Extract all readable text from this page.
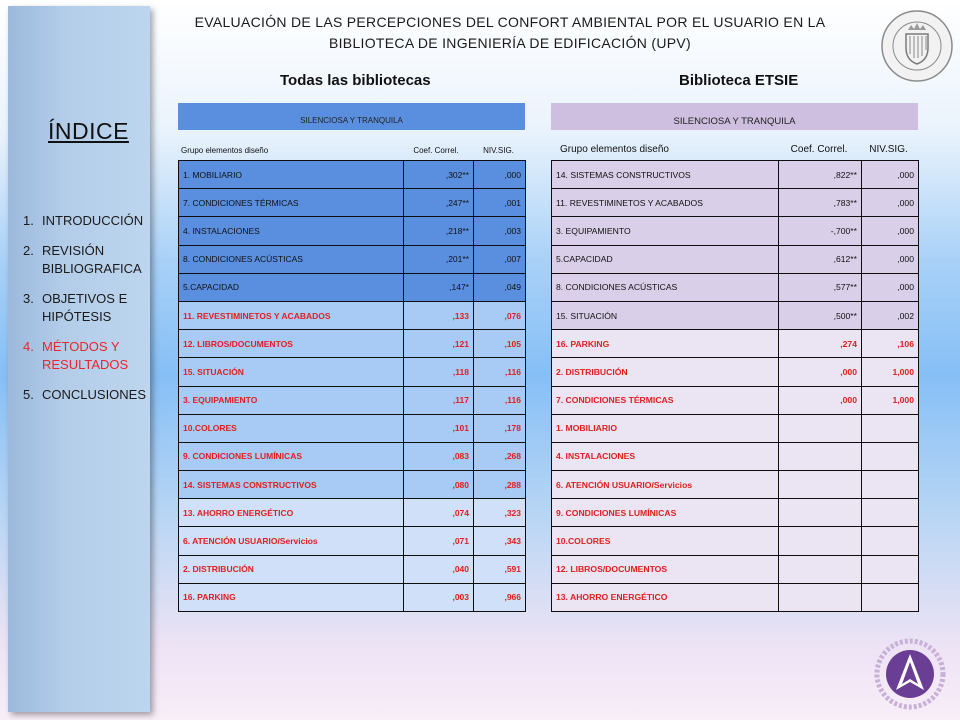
ÍNDICE
1. INTRODUCCIÓN
2. REVISIÓN BIBLIOGRAFICA
3. OBJETIVOS E HIPÓTESIS
4. MÉTODOS Y RESULTADOS
5. CONCLUSIONES
EVALUACIÓN DE LAS PERCEPCIONES DEL CONFORT AMBIENTAL POR EL USUARIO EN LA
BIBLIOTECA DE INGENIERÍA DE EDIFICACIÓN (UPV)
Todas las bibliotecas	Biblioteca ETSIE
SILENCIOSA Y TRANQUILA	SILENCIOSA Y TRANQUILA
Grupo elementos diseño	Coef. Correl.	NIV.SIG.	Grupo elementos diseño	Coef. Correl.	NIV.SIG.
1. MOBILIARIO	,302**	,000
7. CONDICIONES TÉRMICAS	,247**	,001
4. INSTALACIONES	,218**	,003
8. CONDICIONES ACÚSTICAS	,201**	,007
5.CAPACIDAD	,147*	,049
11. REVESTIMINETOS Y ACABADOS	,133	,076
12. LIBROS/DOCUMENTOS	,121	,105
15. SITUACIÓN	,118	,116
3. EQUIPAMIENTO	,117	,116
10.COLORES	,101	,178
9. CONDICIONES LUMÍNICAS	,083	,268
14. SISTEMAS CONSTRUCTIVOS	,080	,288
13. AHORRO ENERGÉTICO	,074	,323
6. ATENCIÓN USUARIO/Servicios	,071	,343
2. DISTRIBUCIÓN	,040	,591
16. PARKING	,003	,966
14. SISTEMAS CONSTRUCTIVOS	,822**	,000
11. REVESTIMINETOS Y ACABADOS	,783**	,000
3. EQUIPAMIENTO	-,700**	,000
5.CAPACIDAD	,612**	,000
8. CONDICIONES ACÚSTICAS	,577**	,000
15. SITUACIÓN	,500**	,002
16. PARKING	,274	,106
2. DISTRIBUCIÓN	,000	1,000
7. CONDICIONES TÉRMICAS	,000	1,000
1. MOBILIARIO		
4. INSTALACIONES		
6. ATENCIÓN USUARIO/Servicios		
9. CONDICIONES LUMÍNICAS		
10.COLORES		
12. LIBROS/DOCUMENTOS		
13. AHORRO ENERGÉTICO		
